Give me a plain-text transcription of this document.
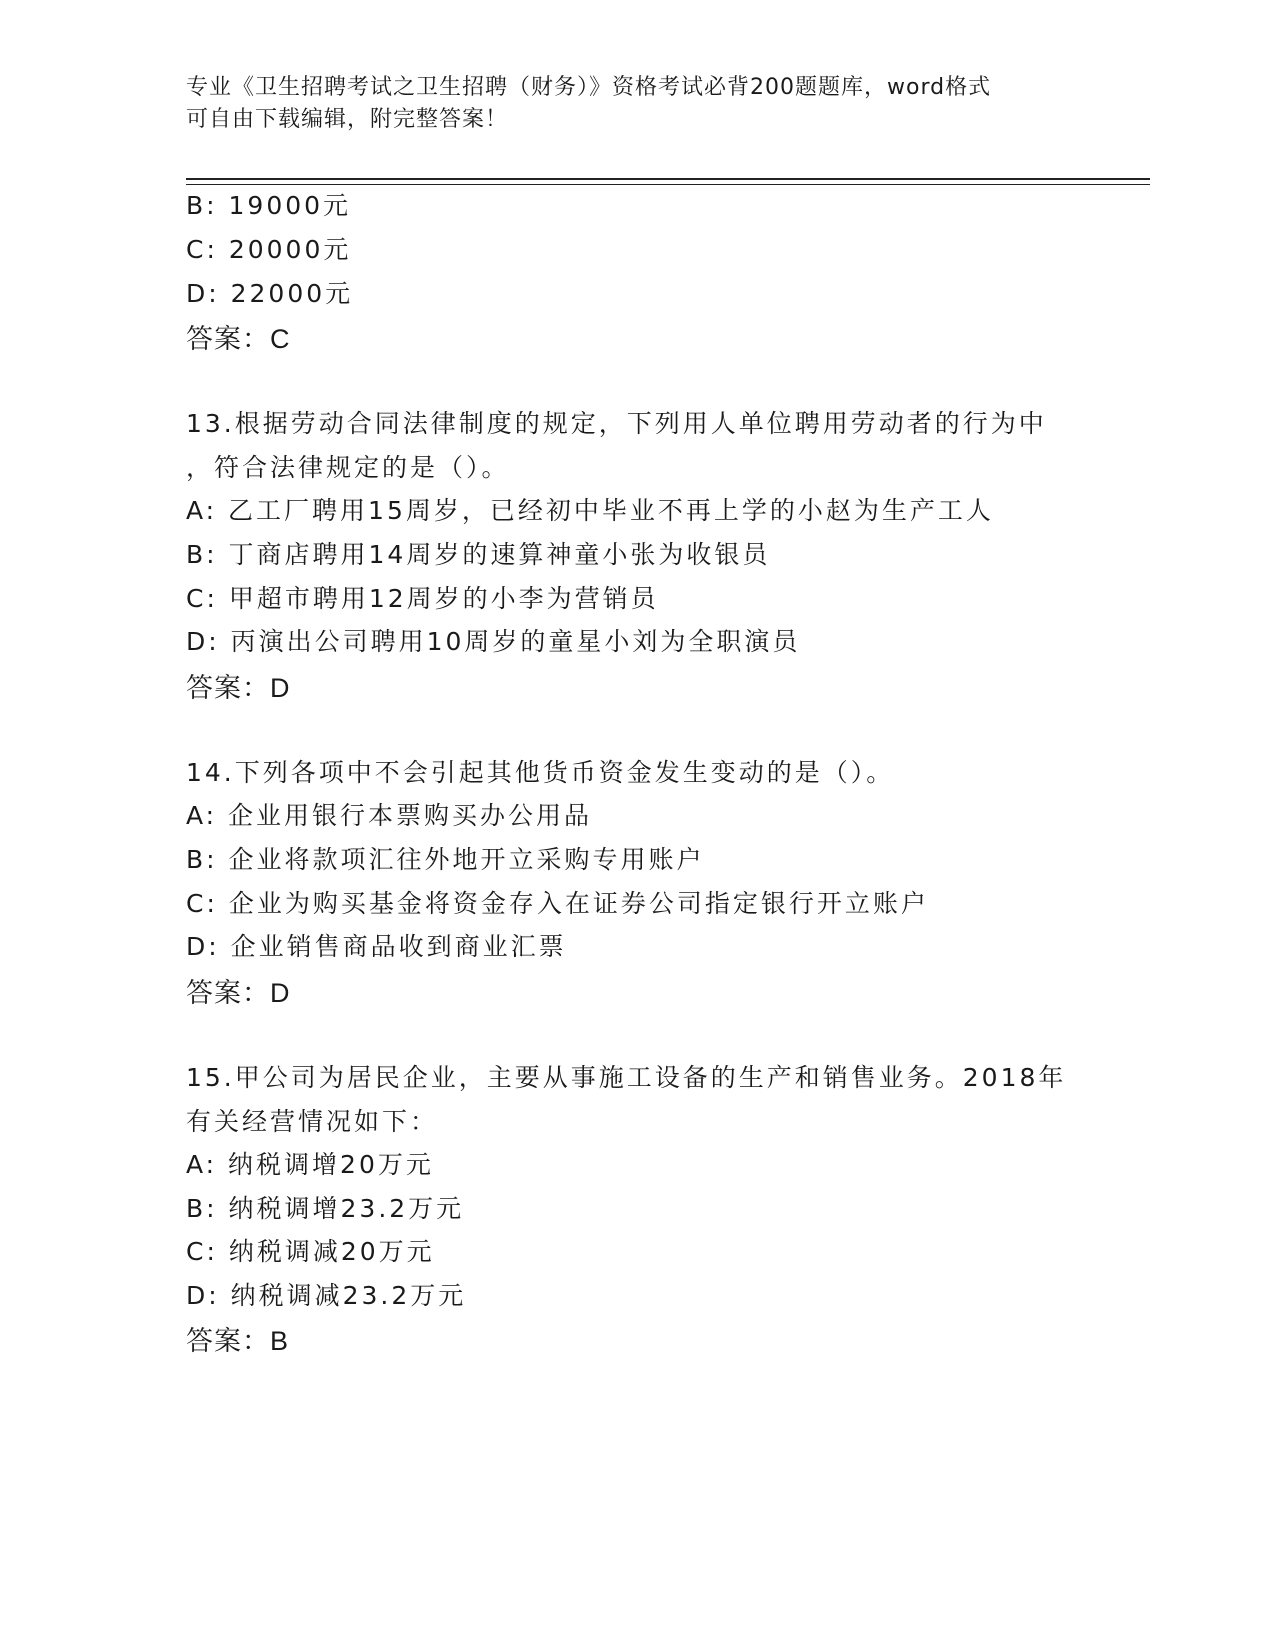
专业《卫生招聘考试之卫生招聘（财务）》资格考试必背200题题库，word格式
可自由下载编辑，附完整答案！
B: 19000元
C: 20000元
D: 22000元
答案：C
13.根据劳动合同法律制度的规定，下列用人单位聘用劳动者的行为中
，符合法律规定的是（）。
A: 乙工厂聘用15周岁，已经初中毕业不再上学的小赵为生产工人
B: 丁商店聘用14周岁的速算神童小张为收银员
C: 甲超市聘用12周岁的小李为营销员
D: 丙演出公司聘用10周岁的童星小刘为全职演员
答案：D
14.下列各项中不会引起其他货币资金发生变动的是（）。
A: 企业用银行本票购买办公用品
B: 企业将款项汇往外地开立采购专用账户
C: 企业为购买基金将资金存入在证券公司指定银行开立账户
D: 企业销售商品收到商业汇票
答案：D
15.甲公司为居民企业，主要从事施工设备的生产和销售业务。2018年
有关经营情况如下：
A: 纳税调增20万元
B: 纳税调增23.2万元
C: 纳税调减20万元
D: 纳税调减23.2万元
答案：B
